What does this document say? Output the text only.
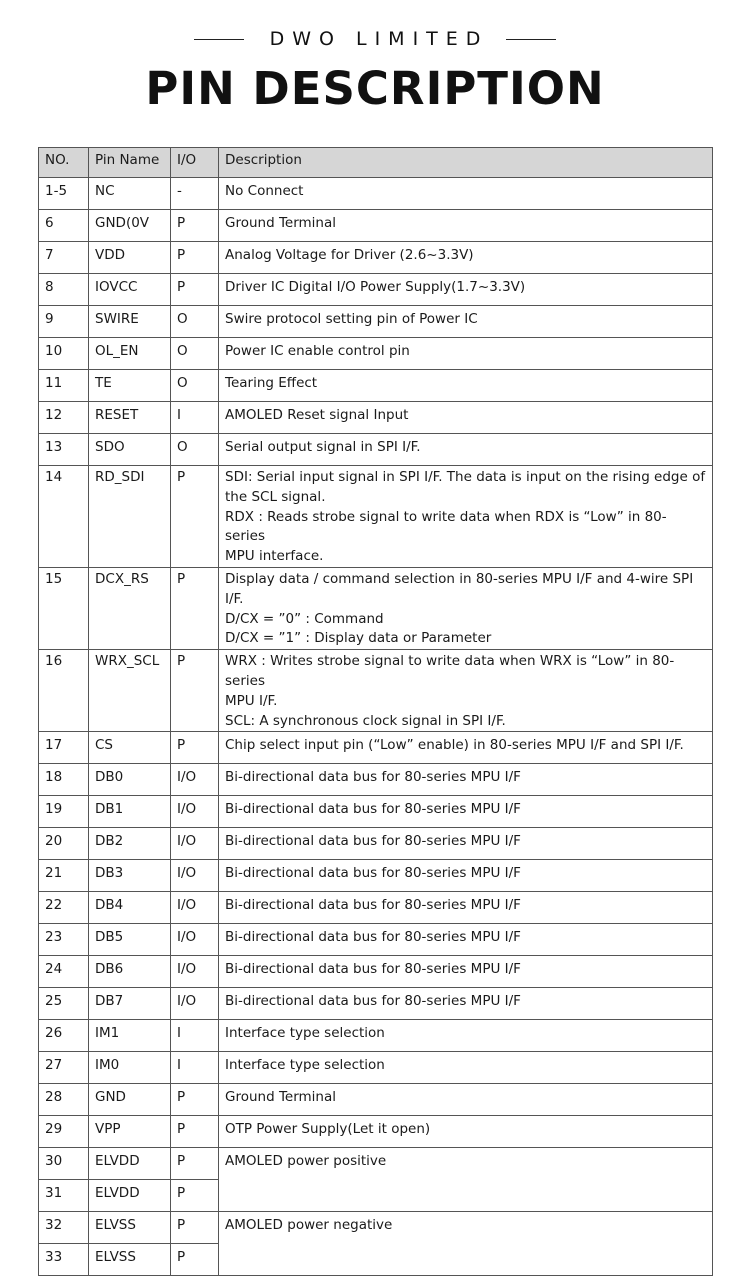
DWO LIMITED
PIN DESCRIPTION
NO.	Pin Name	I/O	Description
1-5	NC	-	No Connect

6	GND(0V	P	Ground Terminal

7	VDD	P	Analog Voltage for Driver (2.6~3.3V)

8	IOVCC	P	Driver IC Digital I/O Power Supply(1.7~3.3V)

9	SWIRE	O	Swire protocol setting pin of Power IC

10	OL_EN	O	Power IC enable control pin

11	TE	O	Tearing Effect

12	RESET	I	AMOLED Reset signal Input

13	SDO	O	Serial output signal in SPI I/F.

14	RD_SDI	P	SDI: Serial input signal in SPI I/F. The data is input on the rising edge of
the SCL signal.
RDX : Reads strobe signal to write data when RDX is “Low” in 80-series
MPU interface.

15	DCX_RS	P	Display data / command selection in 80-series MPU I/F and 4-wire SPI
I/F.
D/CX = ”0” : Command
D/CX = ”1” : Display data or Parameter

16	WRX_SCL	P	WRX : Writes strobe signal to write data when WRX is “Low” in 80-series
MPU I/F.
SCL: A synchronous clock signal in SPI I/F.

17	CS	P	Chip select input pin (“Low” enable) in 80-series MPU I/F and SPI I/F.

18	DB0	I/O	Bi-directional data bus for 80-series MPU I/F

19	DB1	I/O	Bi-directional data bus for 80-series MPU I/F

20	DB2	I/O	Bi-directional data bus for 80-series MPU I/F

21	DB3	I/O	Bi-directional data bus for 80-series MPU I/F

22	DB4	I/O	Bi-directional data bus for 80-series MPU I/F

23	DB5	I/O	Bi-directional data bus for 80-series MPU I/F

24	DB6	I/O	Bi-directional data bus for 80-series MPU I/F

25	DB7	I/O	Bi-directional data bus for 80-series MPU I/F

26	IM1	I	Interface type selection

27	IM0	I	Interface type selection

28	GND	P	Ground Terminal

29	VPP	P	OTP Power Supply(Let it open)

30	ELVDD	P	AMOLED power positive

31	ELVDD	P	
32	ELVSS	P	AMOLED power negative

33	ELVSS	P	
